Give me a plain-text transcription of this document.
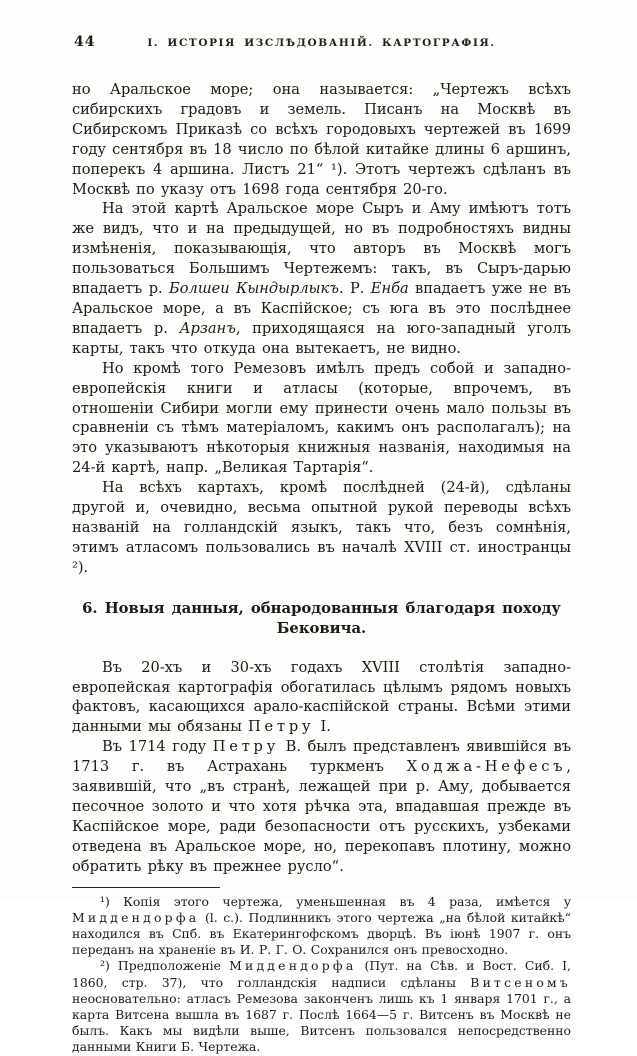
44	I. ИСТОРІЯ ИЗСЛѢДОВАНІЙ. КАРТОГРАФІЯ.

но Аральское море; она называется: „Чертежъ всѣхъ сибирскихъ градовъ и земель. Писанъ на Москвѣ въ Сибирскомъ Приказѣ со всѣхъ городовыхъ чертежей въ 1699 году сентября въ 18 число по бѣлой китайке длины 6 аршинъ, поперекъ 4 аршина. Листъ 21“ ¹). Этотъ чертежъ сдѣланъ въ Москвѣ по указу отъ 1698 года сентября 20-го.

На этой картѣ Аральское море Сыръ и Аму имѣютъ тотъ же видъ, что и на предыдущей, но въ подробностяхъ видны измѣненія, показывающія, что авторъ въ Москвѣ могъ пользоваться Большимъ Чертежемъ: такъ, въ Сыръ-дарью впадаетъ р. Болшеи Кындырлыкъ. Р. Енба впадаетъ уже не въ Аральское море, а въ Каспійское; съ юга въ это послѣднее впадаетъ р. Арзанъ, приходящаяся на юго-западный уголъ карты, такъ что откуда она вытекаетъ, не видно.

Но кромѣ того Ремезовъ имѣлъ предъ собой и западно-европейскія книги и атласы (которые, впрочемъ, въ отношеніи Сибири могли ему принести очень мало пользы въ сравненіи съ тѣмъ матеріаломъ, какимъ онъ располагалъ); на это указываютъ нѣкоторыя книжныя названія, находимыя на 24-й картѣ, напр. „Великая Тартарія“.

На всѣхъ картахъ, кромѣ послѣдней (24-й), сдѣланы другой и, очевидно, весьма опытной рукой переводы всѣхъ названій на голландскій языкъ, такъ что, безъ сомнѣнія, этимъ атласомъ пользовались въ началѣ XVIII ст. иностранцы ²).

6. Новыя данныя, обнародованныя благодаря походу Бековича.

Въ 20-хъ и 30-хъ годахъ XVIII столѣтія западно-европейская картографія обогатилась цѣлымъ рядомъ новыхъ фактовъ, касающихся арало-каспійской страны. Всѣми этими данными мы обязаны Петру I.

Въ 1714 году Петру В. былъ представленъ явившійся въ 1713 г. въ Астрахань туркменъ Ходжа-Нефесъ, заявившій, что „въ странѣ, лежащей при р. Аму, добывается песочное золото и что хотя рѣчка эта, впадавшая прежде въ Каспійское море, ради безопасности отъ русскихъ, узбеками отведена въ Аральское море, но, перекопавъ плотину, можно обратить рѣку въ прежнее русло“.

¹) Копія этого чертежа, уменьшенная въ 4 раза, имѣется у Миддендорфа (l. c.). Подлинникъ этого чертежа „на бѣлой китайкѣ“ находился въ Спб. въ Екатерингофскомъ дворцѣ. Въ іюнѣ 1907 г. онъ переданъ на храненіе въ И. Р. Г. О. Сохранился онъ превосходно.

²) Предположеніе Миддендорфа (Пут. на Сѣв. и Вост. Сиб. I, 1860, стр. 37), что голландскія надписи сдѣланы Витсеномъ неосновательно: атласъ Ремезова законченъ лишь къ 1 января 1701 г., а карта Витсена вышла въ 1687 г. Послѣ 1664—5 г. Витсенъ въ Москвѣ не былъ. Какъ мы видѣли выше, Витсенъ пользовался непосредственно данными Книги Б. Чертежа.
